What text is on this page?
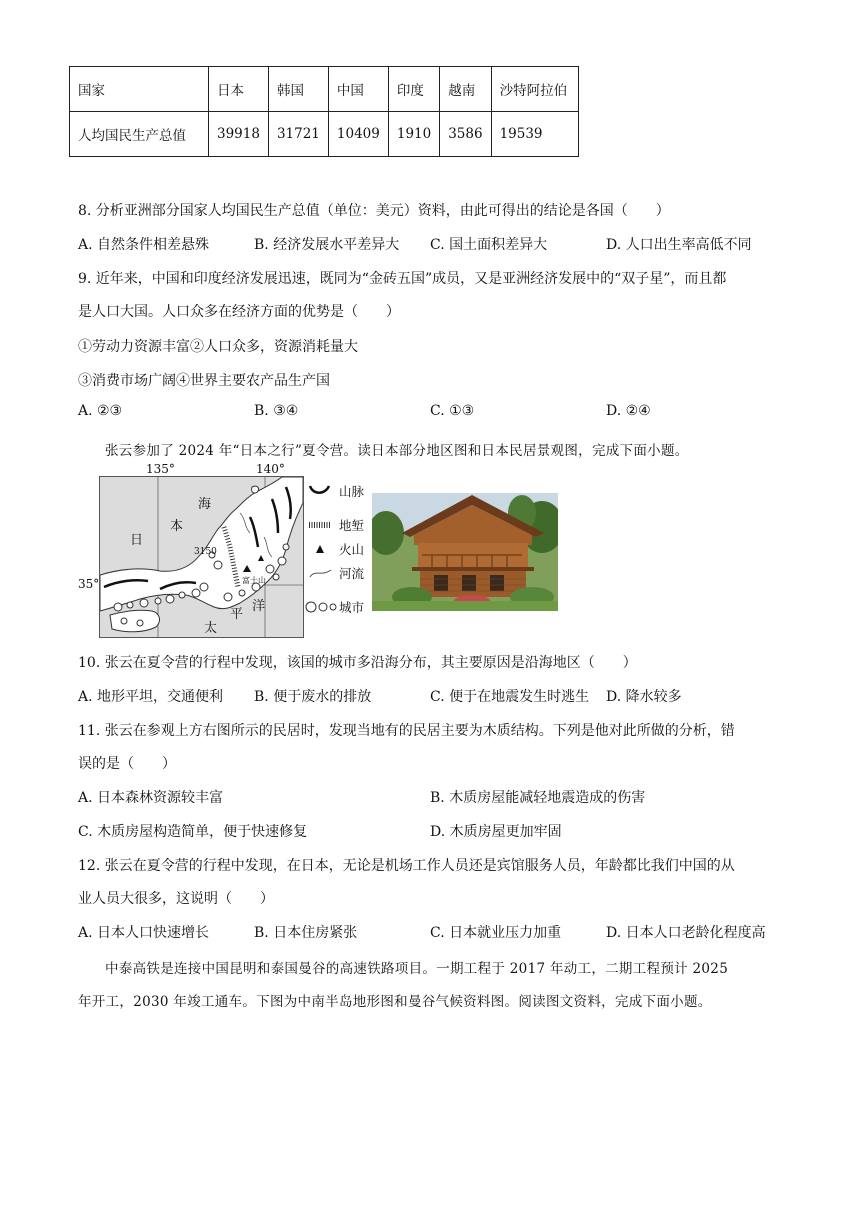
国家	日本	韩国	中国	印度	越南	沙特阿拉伯
人均国民生产总值	39918	31721	10409	1910	3586	19539
8. 分析亚洲部分国家人均国民生产总值（单位：美元）资料，由此可得出的结论是各国（　　）
A. 自然条件相差悬殊	B. 经济发展水平差异大 C. 国土面积差异大	D. 人口出生率高低不同
9. 近年来，中国和印度经济发展迅速，既同为“金砖五国”成员，又是亚洲经济发展中的“双子星”，而且都
是人口大国。人口众多在经济方面的优势是（　　）
①劳动力资源丰富②人口众多，资源消耗量大
③消费市场广阔④世界主要农产品生产国
A. ②③	B. ③④	C. ①③	D. ②④
张云参加了 2024 年“日本之行”夏令营。读日本部分地区图和日本民居景观图，完成下面小题。
135°	140°
35°
海
本
日
太
平
洋
3150
富士山
山脉
地堑
火山
河流
城市
10. 张云在夏令营的行程中发现，该国的城市多沿海分布，其主要原因是沿海地区（　　）
A. 地形平坦，交通便利 B. 便于废水的排放	C. 便于在地震发生时逃生 D. 降水较多
11. 张云在参观上方右图所示的民居时，发现当地有的民居主要为木质结构。下列是他对此所做的分析，错
误的是（　　）
A. 日本森林资源较丰富	B. 木质房屋能减轻地震造成的伤害
C. 木质房屋构造简单，便于快速修复	D. 木质房屋更加牢固
12. 张云在夏令营的行程中发现，在日本，无论是机场工作人员还是宾馆服务人员，年龄都比我们中国的从
业人员大很多，这说明（　　）
A. 日本人口快速增长	B. 日本住房紧张	C. 日本就业压力加重	D. 日本人口老龄化程度高
中泰高铁是连接中国昆明和泰国曼谷的高速铁路项目。一期工程于 2017 年动工，二期工程预计 2025
年开工，2030 年竣工通车。下图为中南半岛地形图和曼谷气候资料图。阅读图文资料，完成下面小题。
